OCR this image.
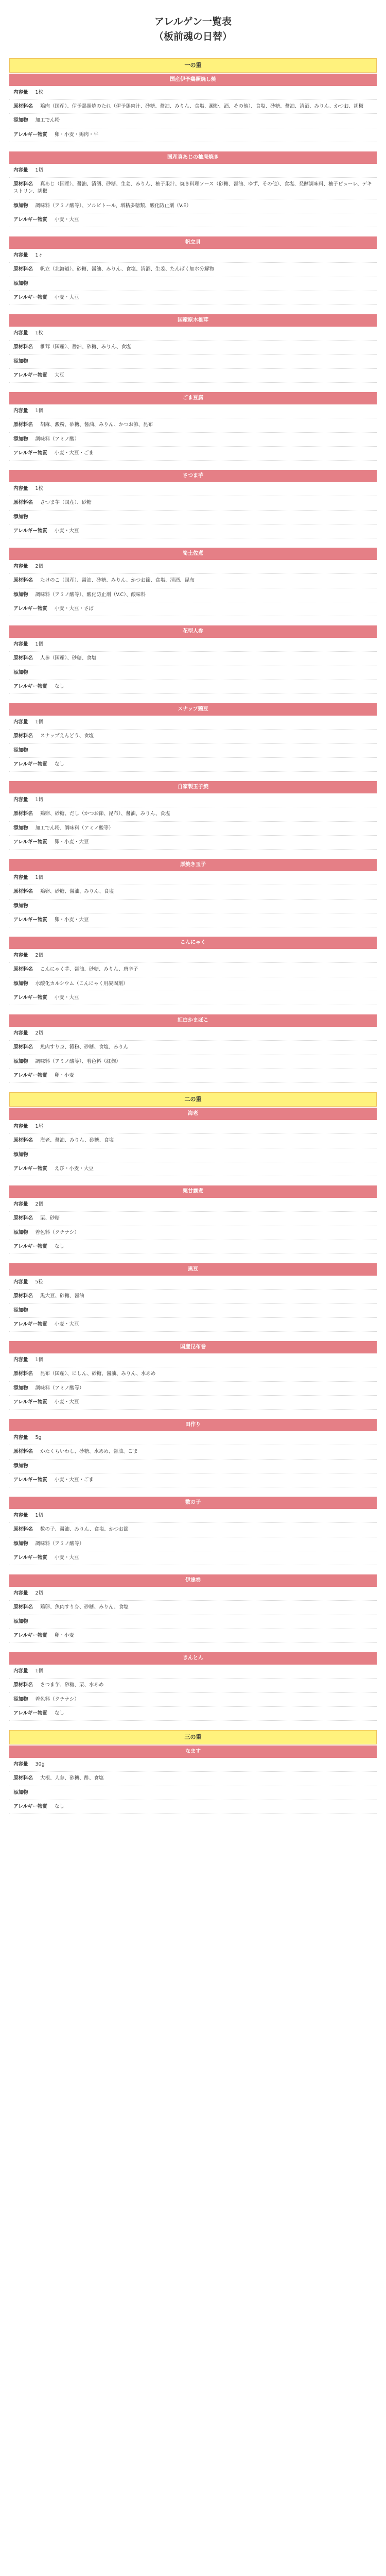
アレルゲン一覧表
（板前魂の日替）
一の重
国産伊予鶏照焼し焼
内容量 1枚
原材料名 鶏肉（国産）、伊予鶏照焼のたれ（伊予鶏肉汁、砂糖、醤油、みりん、食塩、澱粉、酒、その他）、食塩、砂糖、醤油、清酒、みりん、かつお、胡椒
添加物 加工でん粉
アレルギー物質 卵・小麦・鶏肉・牛
国産真あじの柚庵焼き
内容量 1切
原材料名 真あじ（国産）、醤油、清酒、砂糖、生姜、みりん、柚子果汁、焼き料理ソース（砂糖、醤油、ゆず、その他）、食塩、発酵調味料、柚子ピューレ、デキストリン、胡椒
添加物 調味料（アミノ酸等）、ソルビトール、増粘多糖類、酸化防止剤（V.E）
アレルギー物質 小麦・大豆
帆立貝
内容量 1ヶ
原材料名 帆立（北海道）、砂糖、醤油、みりん、食塩、清酒、生姜、たんぱく加水分解物
添加物
アレルギー物質 小麦・大豆
国産原木椎茸
内容量 1枚
原材料名 椎茸（国産）、醤油、砂糖、みりん、食塩
添加物
アレルギー物質 大豆
ごま豆腐
内容量 1個
原材料名 胡麻、澱粉、砂糖、醤油、みりん、かつお節、昆布
添加物 調味料（アミノ酸）
アレルギー物質 小麦・大豆・ごま
さつま芋
内容量 1枚
原材料名 さつま芋（国産）、砂糖
添加物
アレルギー物質 小麦・大豆
筍土佐煮
内容量 2個
原材料名 たけのこ（国産）、醤油、砂糖、みりん、かつお節、食塩、清酒、昆布
添加物 調味料（アミノ酸等）、酸化防止剤（V.C）、酸味料
アレルギー物質 小麦・大豆・さば
花型人参
内容量 1個
原材料名 人参（国産）、砂糖、食塩
添加物
アレルギー物質 なし
スナップ豌豆
内容量 1個
原材料名 スナップえんどう、食塩
添加物
アレルギー物質 なし
自家製玉子焼
内容量 1切
原材料名 鶏卵、砂糖、だし（かつお節、昆布）、醤油、みりん、食塩
添加物 加工でん粉、調味料（アミノ酸等）
アレルギー物質 卵・小麦・大豆
厚焼き玉子
内容量 1個
原材料名 鶏卵、砂糖、醤油、みりん、食塩
添加物
アレルギー物質 卵・小麦・大豆
こんにゃく
内容量 2個
原材料名 こんにゃく芋、醤油、砂糖、みりん、唐辛子
添加物 水酸化カルシウム（こんにゃく用凝固剤）
アレルギー物質 小麦・大豆
紅白かまぼこ
内容量 2切
原材料名 魚肉すり身、澱粉、砂糖、食塩、みりん
添加物 調味料（アミノ酸等）、着色料（紅麹）
アレルギー物質 卵・小麦
二の重
海老
内容量 1尾
原材料名 海老、醤油、みりん、砂糖、食塩
添加物
アレルギー物質 えび・小麦・大豆
栗甘露煮
内容量 2個
原材料名 栗、砂糖
添加物 着色料（クチナシ）
アレルギー物質 なし
黒豆
内容量 5粒
原材料名 黒大豆、砂糖、醤油
添加物
アレルギー物質 小麦・大豆
国産昆布巻
内容量 1個
原材料名 昆布（国産）、にしん、砂糖、醤油、みりん、水あめ
添加物 調味料（アミノ酸等）
アレルギー物質 小麦・大豆
田作り
内容量 5g
原材料名 かたくちいわし、砂糖、水あめ、醤油、ごま
添加物
アレルギー物質 小麦・大豆・ごま
数の子
内容量 1切
原材料名 数の子、醤油、みりん、食塩、かつお節
添加物 調味料（アミノ酸等）
アレルギー物質 小麦・大豆
伊達巻
内容量 2切
原材料名 鶏卵、魚肉すり身、砂糖、みりん、食塩
添加物
アレルギー物質 卵・小麦
きんとん
内容量 1個
原材料名 さつま芋、砂糖、栗、水あめ
添加物 着色料（クチナシ）
アレルギー物質 なし
三の重
なます
内容量 30g
原材料名 大根、人参、砂糖、酢、食塩
添加物
アレルギー物質 なし
